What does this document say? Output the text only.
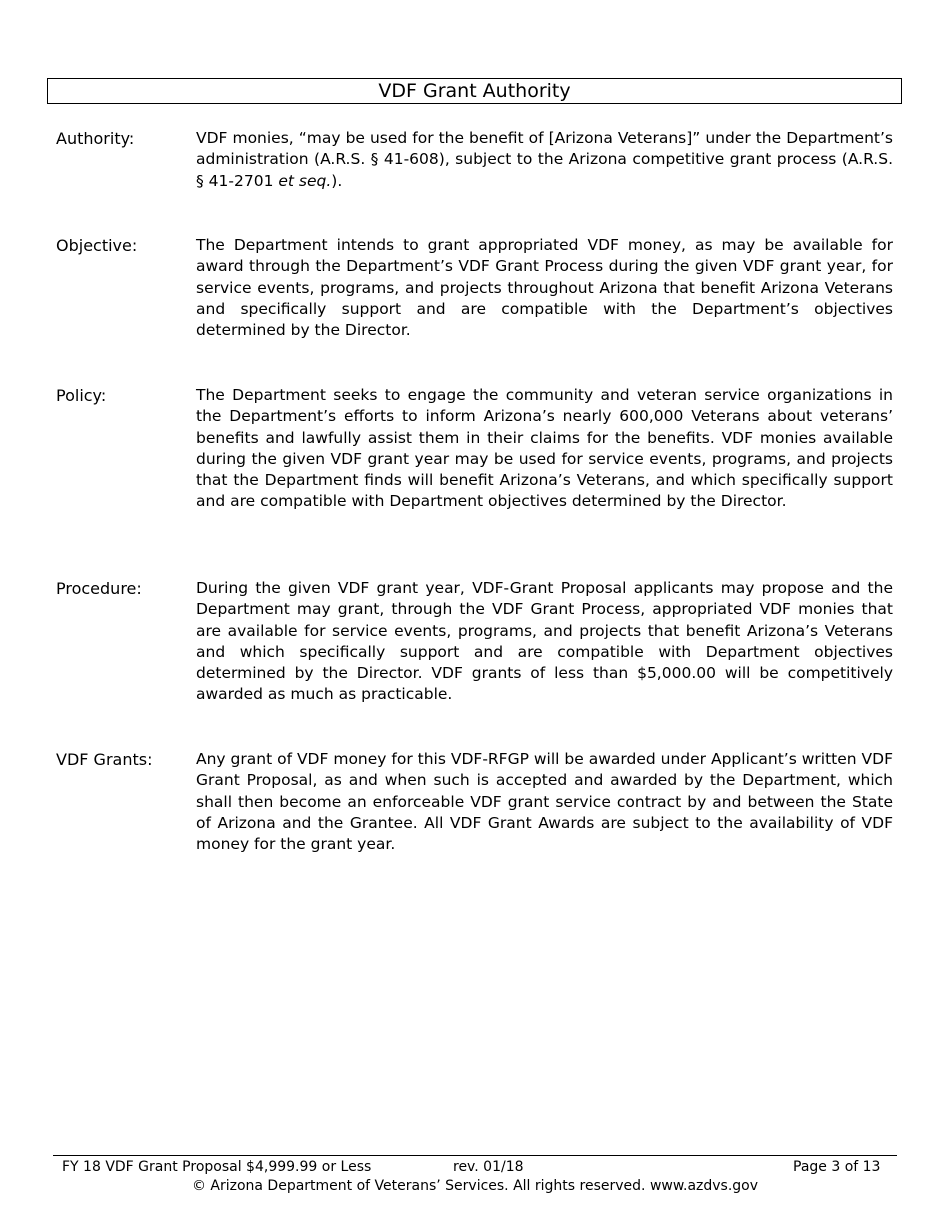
VDF Grant Authority
Authority:	VDF monies, “may be used for the benefit of [Arizona Veterans]” under the Department’s administration (A.R.S. § 41-608), subject to the Arizona competitive grant process (A.R.S. § 41-2701 et seq.).
Objective:	The Department intends to grant appropriated VDF money, as may be available for award through the Department’s VDF Grant Process during the given VDF grant year, for service events, programs, and projects throughout Arizona that benefit Arizona Veterans and specifically support and are compatible with the Department’s objectives determined by the Director.
Policy:	The Department seeks to engage the community and veteran service organizations in the Department’s efforts to inform Arizona’s nearly 600,000 Veterans about veterans’ benefits and lawfully assist them in their claims for the benefits. VDF monies available during the given VDF grant year may be used for service events, programs, and projects that the Department finds will benefit Arizona’s Veterans, and which specifically support and are compatible with Department objectives determined by the Director.
Procedure:	During the given VDF grant year, VDF-Grant Proposal applicants may propose and the Department may grant, through the VDF Grant Process, appropriated VDF monies that are available for service events, programs, and projects that benefit Arizona’s Veterans and which specifically support and are compatible with Department objectives determined by the Director. VDF grants of less than $5,000.00 will be competitively awarded as much as practicable.
VDF Grants:	Any grant of VDF money for this VDF-RFGP will be awarded under Applicant’s written VDF Grant Proposal, as and when such is accepted and awarded by the Department, which shall then become an enforceable VDF grant service contract by and between the State of Arizona and the Grantee. All VDF Grant Awards are subject to the availability of VDF money for the grant year.
FY 18 VDF Grant Proposal $4,999.99 or Less	rev. 01/18	Page 3 of 13
© Arizona Department of Veterans’ Services. All rights reserved. www.azdvs.gov
